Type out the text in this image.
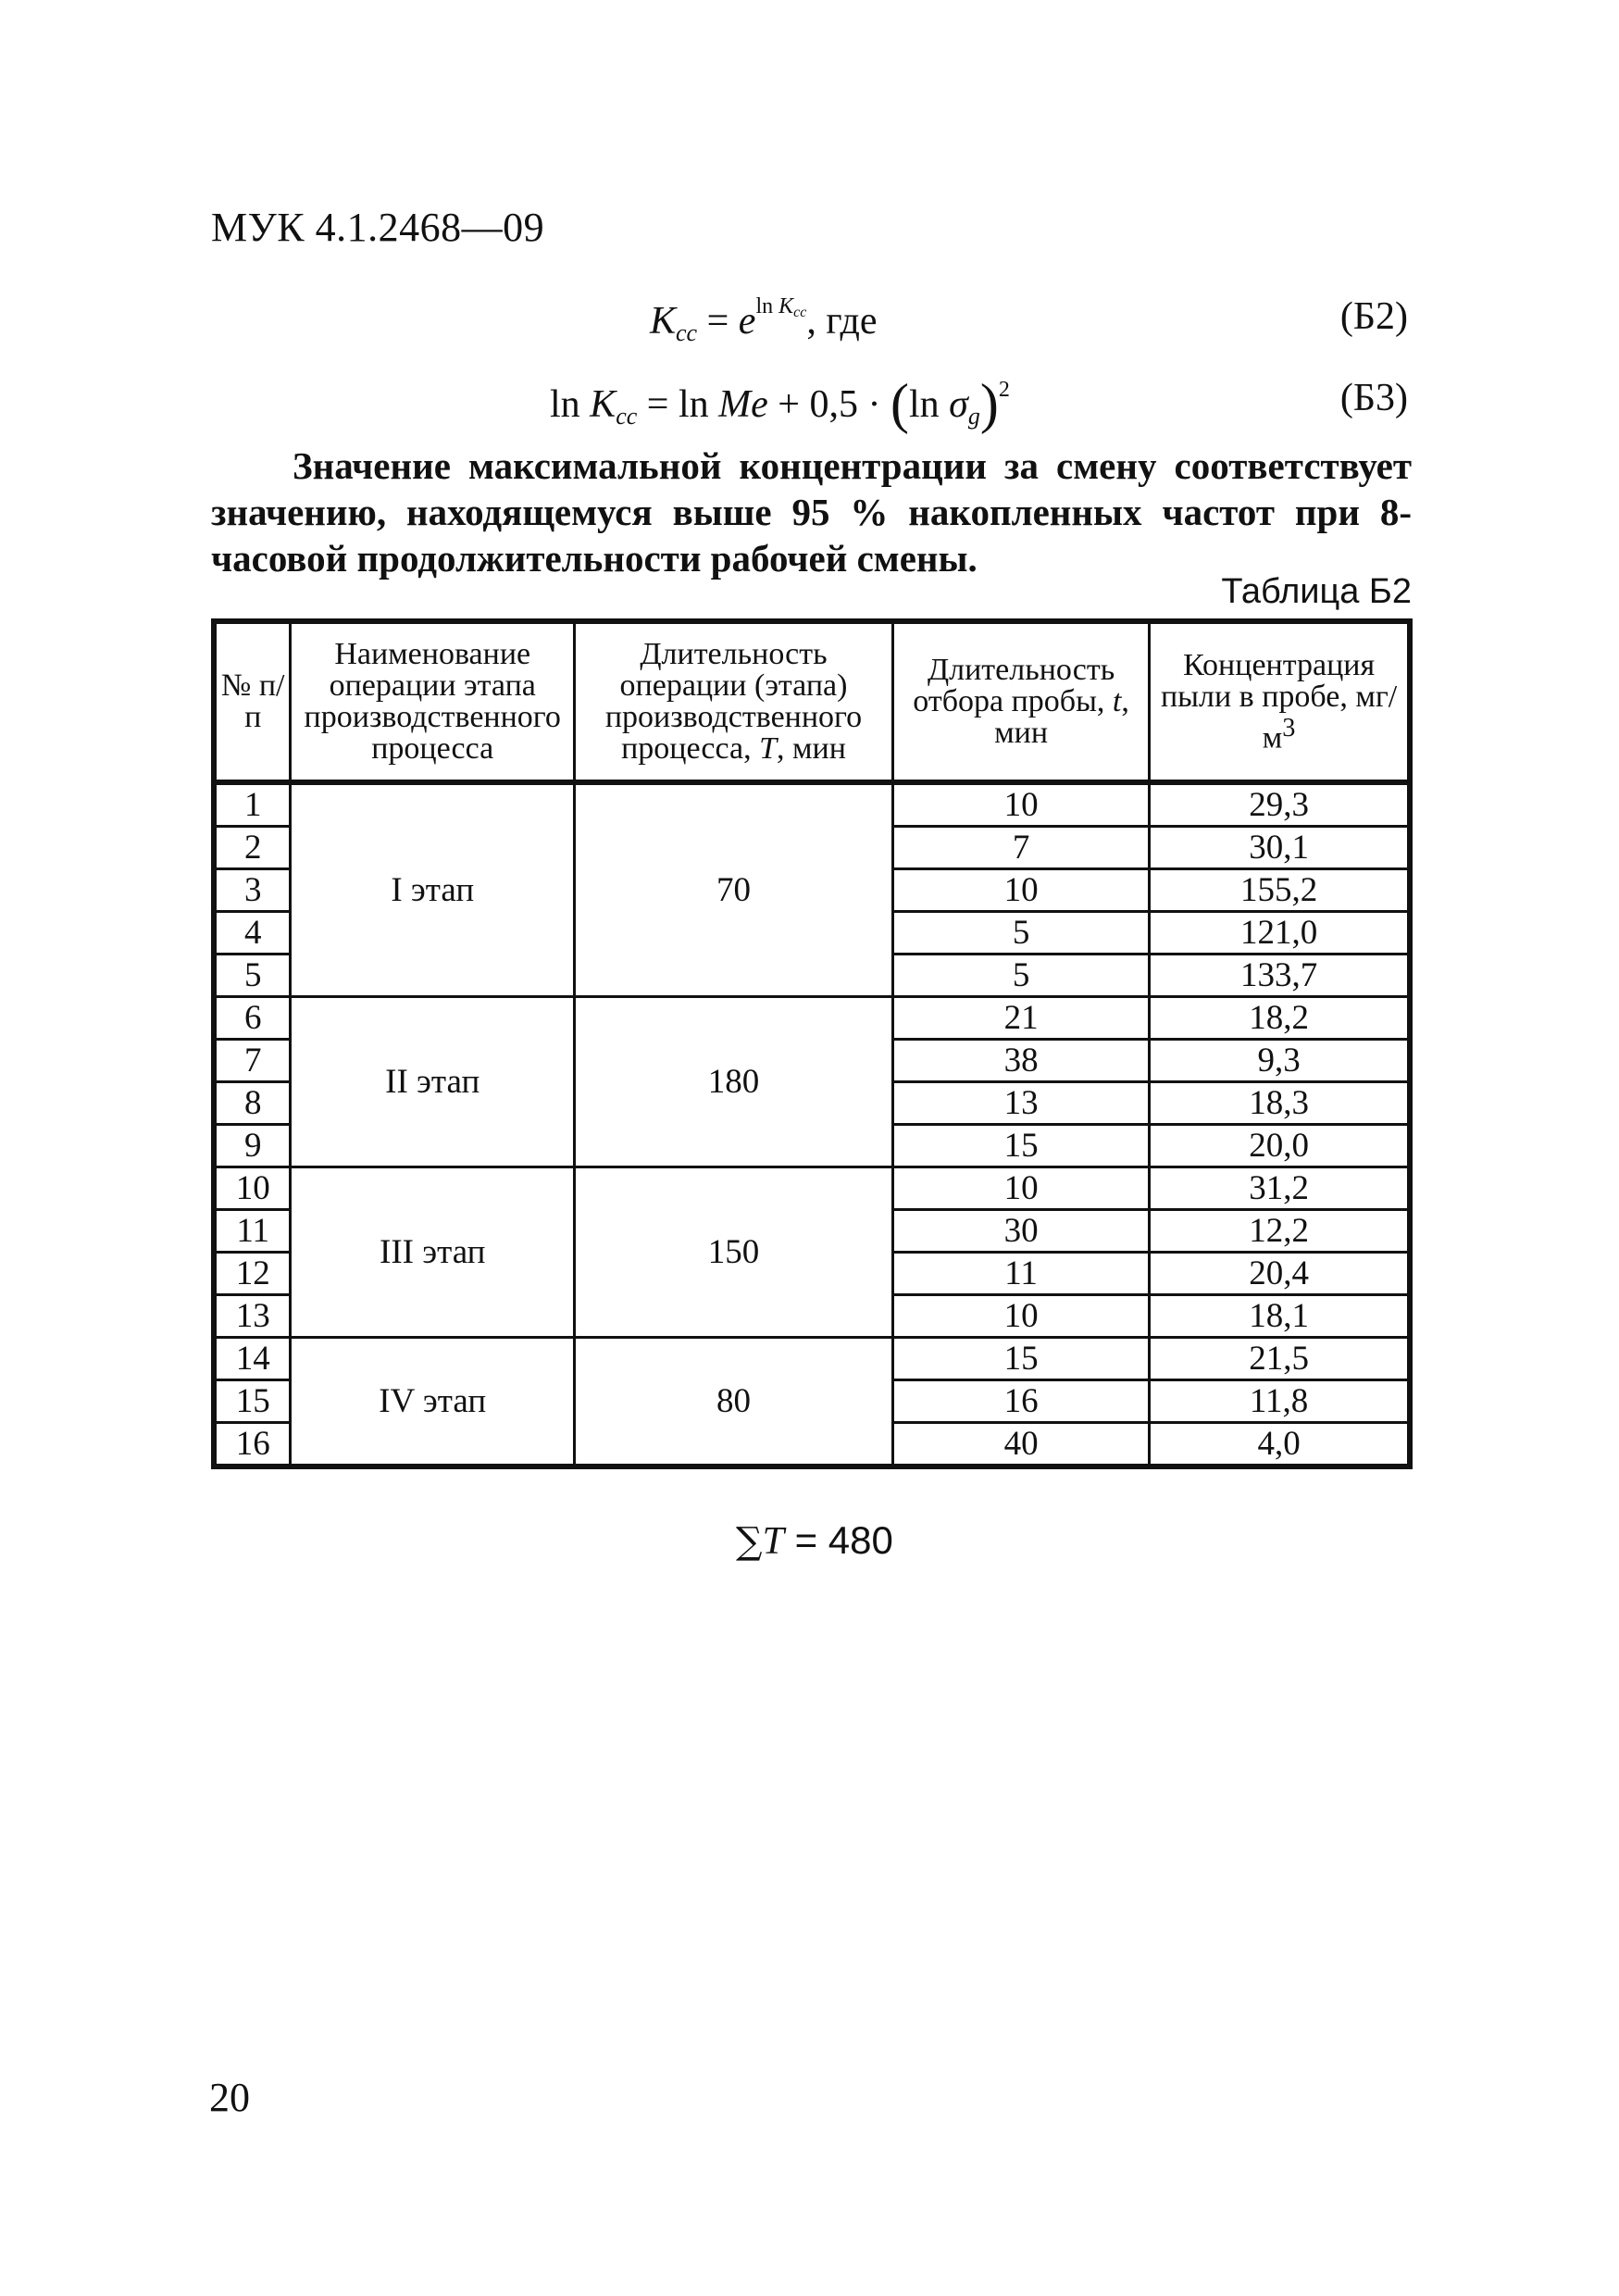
МУК 4.1.2468—09
$K_{cc} = e^{ln K_{cc}}$, где	(Б2)
$\ln K_{cc} = \ln Me + 0,5 \cdot (\ln$ $\sigma_g)^2$	(Б3)
Значение максимальной концентрации за смену соответствует значению, находящемуся выше 95 % накопленных частот при 8-часовой продолжительности рабочей смены.
Таблица Б2
№ п/п	Наименование операции этапа производственного процесса	Длительность операции (этапа) производственного процесса, T, мин	Длительность отбора пробы, t, мин	Концентрация пыли в пробе, $мг/м^3$
1	I этап	70	10	29,3
2			7	30,1
3			10	155,2
4			5	121,0
5			5	133,7
6	II этап	180	21	18,2
7			38	9,3
8			13	18,3
9			15	20,0
10	III этап	150	10	31,2
11			30	12,2
12			11	20,4
13			10	18,1
14	IV этап	80	15	21,5
15			16	11,8
16			40	4,0
∑T = 480
20
